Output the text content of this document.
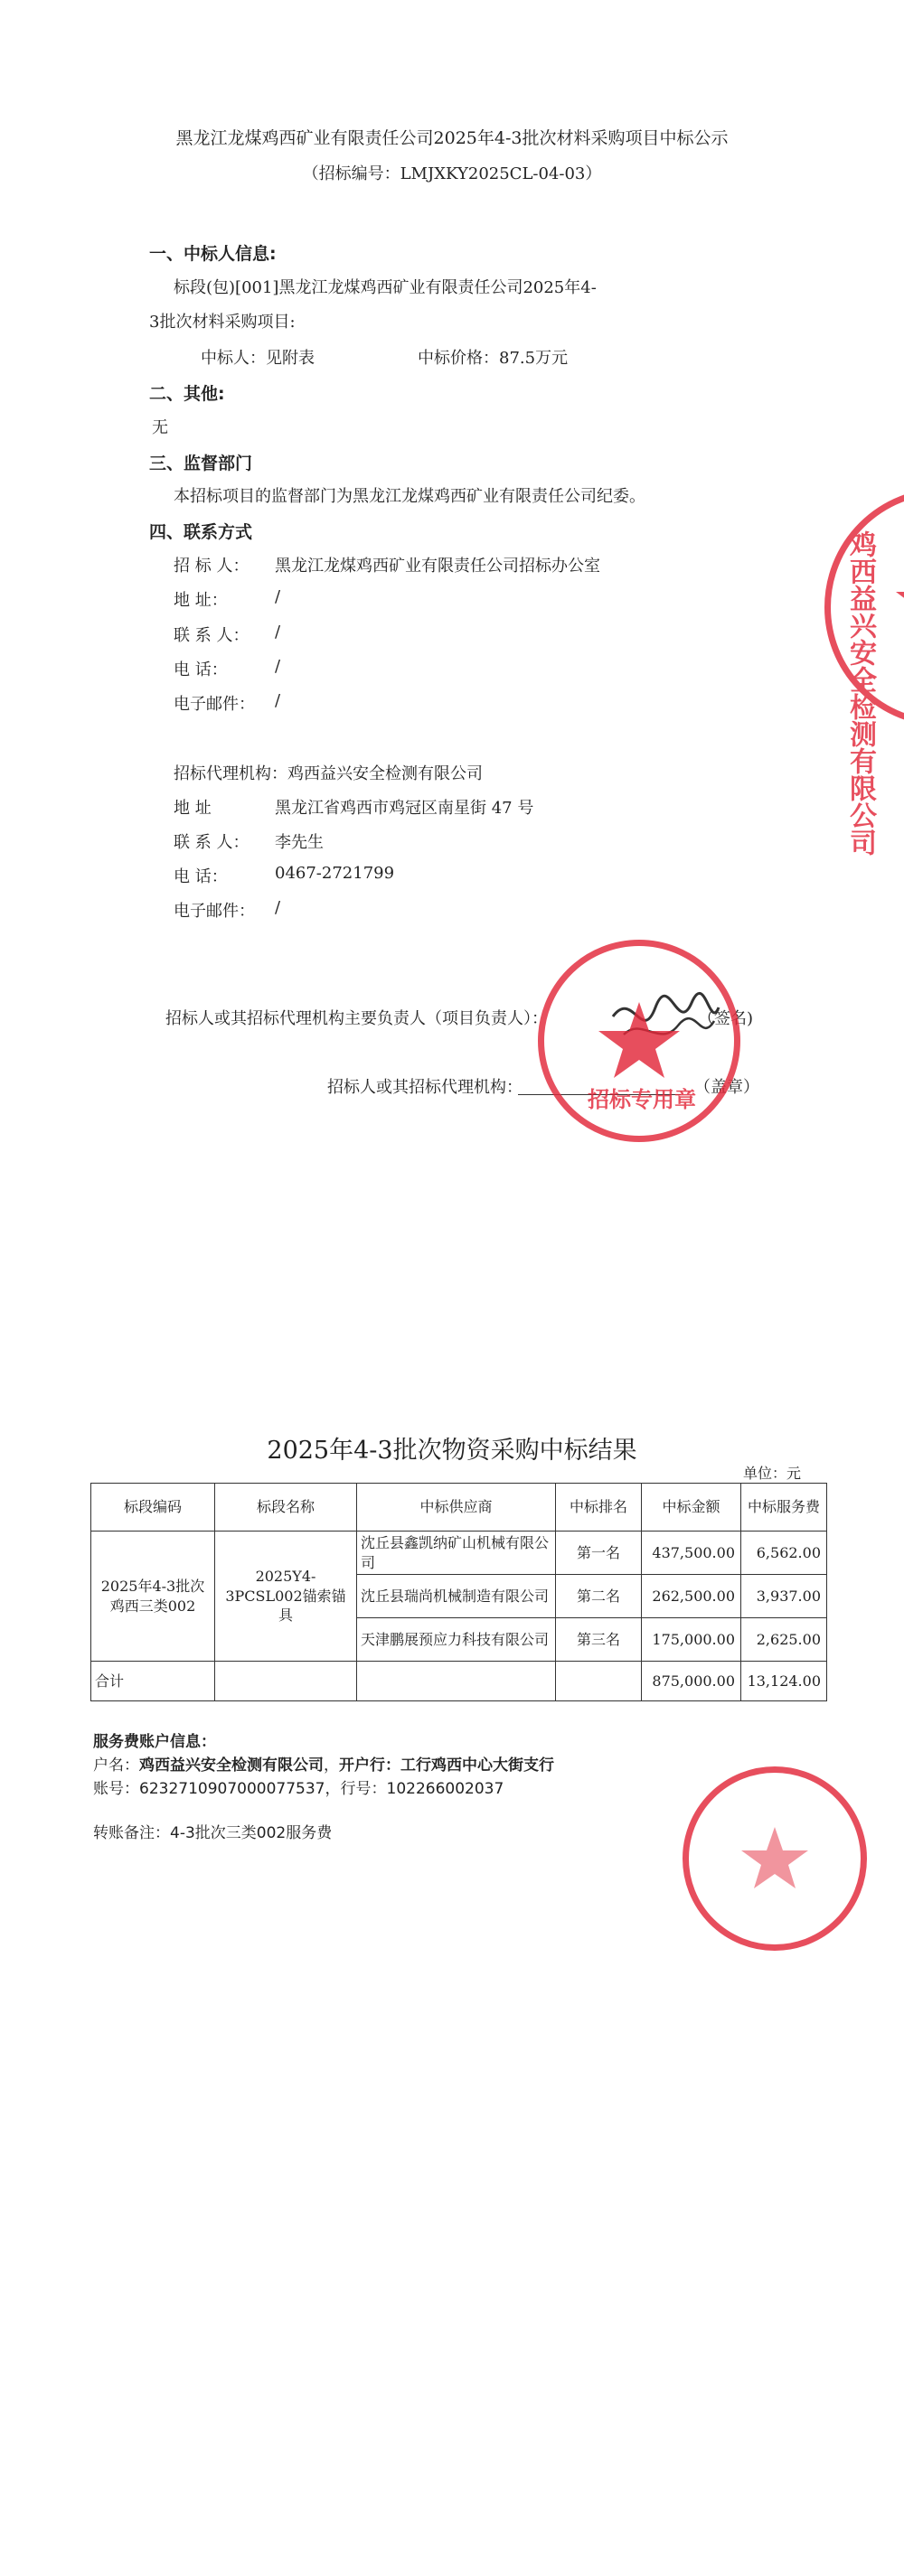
黑龙江龙煤鸡西矿业有限责任公司2025年4-3批次材料采购项目中标公示
（招标编号：LMJXKY2025CL-04-03）
一、中标人信息:
标段(包)[001]黑龙江龙煤鸡西矿业有限责任公司2025年4-
3批次材料采购项目:
中标人：见附表	中标价格：87.5万元
二、其他:
无
三、监督部门
本招标项目的监督部门为黑龙江龙煤鸡西矿业有限责任公司纪委。
四、联系方式
招 标 人：	黑龙江龙煤鸡西矿业有限责任公司招标办公室
地 址：	/
联 系 人：	/
电 话：	/
电子邮件：	/
招标代理机构：鸡西益兴安全检测有限公司
地 址	黑龙江省鸡西市鸡冠区南星街 47 号
联 系 人：	李先生
电 话：	0467-2721799
电子邮件：	/
招标人或其招标代理机构主要负责人（项目负责人）：	（签名)
招标人或其招标代理机构：	（盖章）
鸡西益兴安全检测有限公司
招标专用章
2025年4-3批次物资采购中标结果
单位：元
标段编码	标段名称	中标供应商	中标排名	中标金额	中标服务费
2025年4-3批次鸡西三类002	2025Y4-3PCSL002锚索锚具	沈丘县鑫凯纳矿山机械有限公司	第一名	437,500.00	6,562.00
		沈丘县瑞尚机械制造有限公司	第二名	262,500.00	3,937.00
		天津鹏展预应力科技有限公司	第三名	175,000.00	2,625.00
合计				875,000.00	13,124.00
服务费账户信息：
户名：鸡西益兴安全检测有限公司，开户行：工行鸡西中心大街支行
账号：6232710907000077537，行号：102266002037
转账备注：4-3批次三类002服务费
